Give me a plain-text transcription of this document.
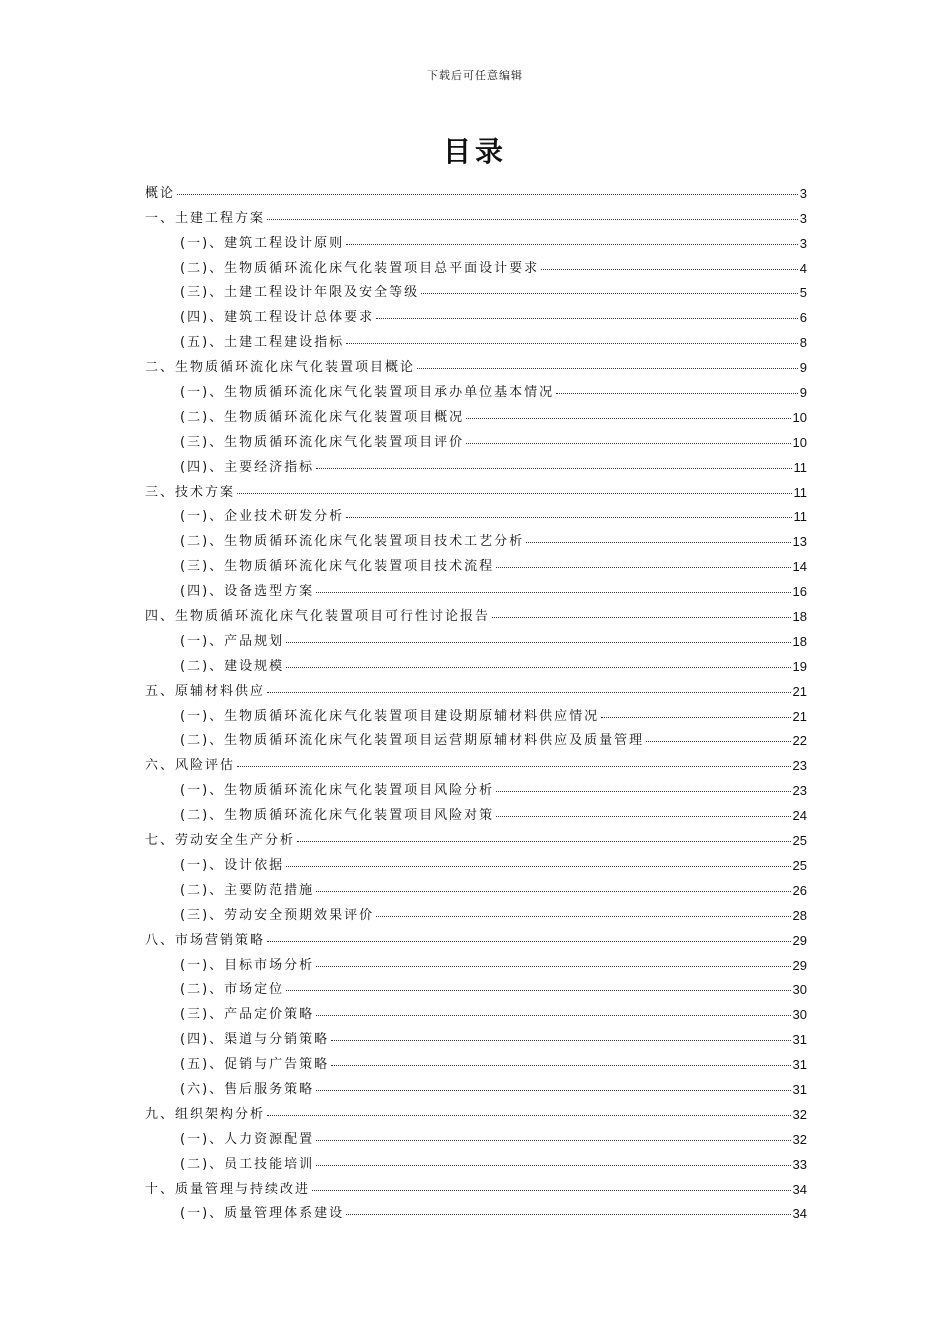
下载后可任意编辑
目录
概论	3
一、土建工程方案	3
(一)、建筑工程设计原则	3
(二)、生物质循环流化床气化装置项目总平面设计要求	4
(三)、土建工程设计年限及安全等级	5
(四)、建筑工程设计总体要求	6
(五)、土建工程建设指标	8
二、生物质循环流化床气化装置项目概论	9
(一)、生物质循环流化床气化装置项目承办单位基本情况	9
(二)、生物质循环流化床气化装置项目概况	10
(三)、生物质循环流化床气化装置项目评价	10
(四)、主要经济指标	11
三、技术方案	11
(一)、企业技术研发分析	11
(二)、生物质循环流化床气化装置项目技术工艺分析	13
(三)、生物质循环流化床气化装置项目技术流程	14
(四)、设备选型方案	16
四、生物质循环流化床气化装置项目可行性讨论报告	18
(一)、产品规划	18
(二)、建设规模	19
五、原辅材料供应	21
(一)、生物质循环流化床气化装置项目建设期原辅材料供应情况	21
(二)、生物质循环流化床气化装置项目运营期原辅材料供应及质量管理	22
六、风险评估	23
(一)、生物质循环流化床气化装置项目风险分析	23
(二)、生物质循环流化床气化装置项目风险对策	24
七、劳动安全生产分析	25
(一)、设计依据	25
(二)、主要防范措施	26
(三)、劳动安全预期效果评价	28
八、市场营销策略	29
(一)、目标市场分析	29
(二)、市场定位	30
(三)、产品定价策略	30
(四)、渠道与分销策略	31
(五)、促销与广告策略	31
(六)、售后服务策略	31
九、组织架构分析	32
(一)、人力资源配置	32
(二)、员工技能培训	33
十、质量管理与持续改进	34
(一)、质量管理体系建设	34
